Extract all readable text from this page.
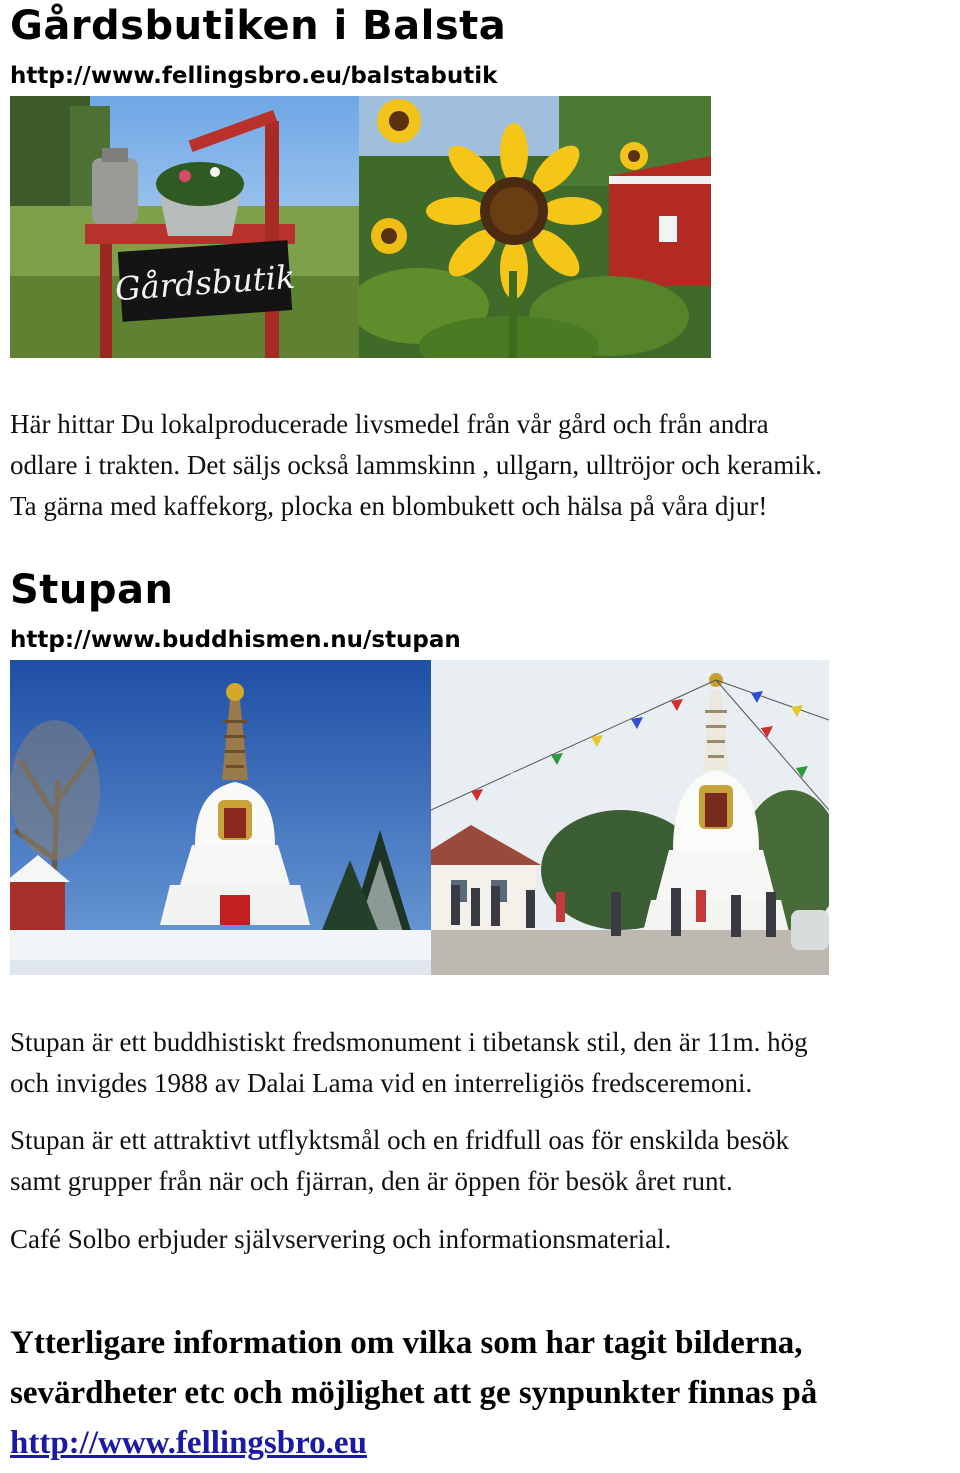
Gårdsbutiken i Balsta
http://www.fellingsbro.eu/balstabutik
Gårdsbutik
Här hittar Du lokalproducerade livsmedel från vår gård och från andra
odlare i trakten. Det säljs också lammskinn , ullgarn, ulltröjor och keramik.
Ta gärna med kaffekorg, plocka en blombukett och hälsa på våra djur!
Stupan
http://www.buddhismen.nu/stupan
Stupan är ett buddhistiskt fredsmonument i tibetansk stil, den är 11m. hög
och invigdes 1988 av Dalai Lama vid en interreligiös fredsceremoni.
Stupan är ett attraktivt utflyktsmål och en fridfull oas för enskilda besök
samt grupper från när och fjärran, den är öppen för besök året runt.
Café Solbo erbjuder självservering och informationsmaterial.
Ytterligare information om vilka som har tagit bilderna,
sevärdheter etc och möjlighet att ge synpunkter finnas på
http://www.fellingsbro.eu
